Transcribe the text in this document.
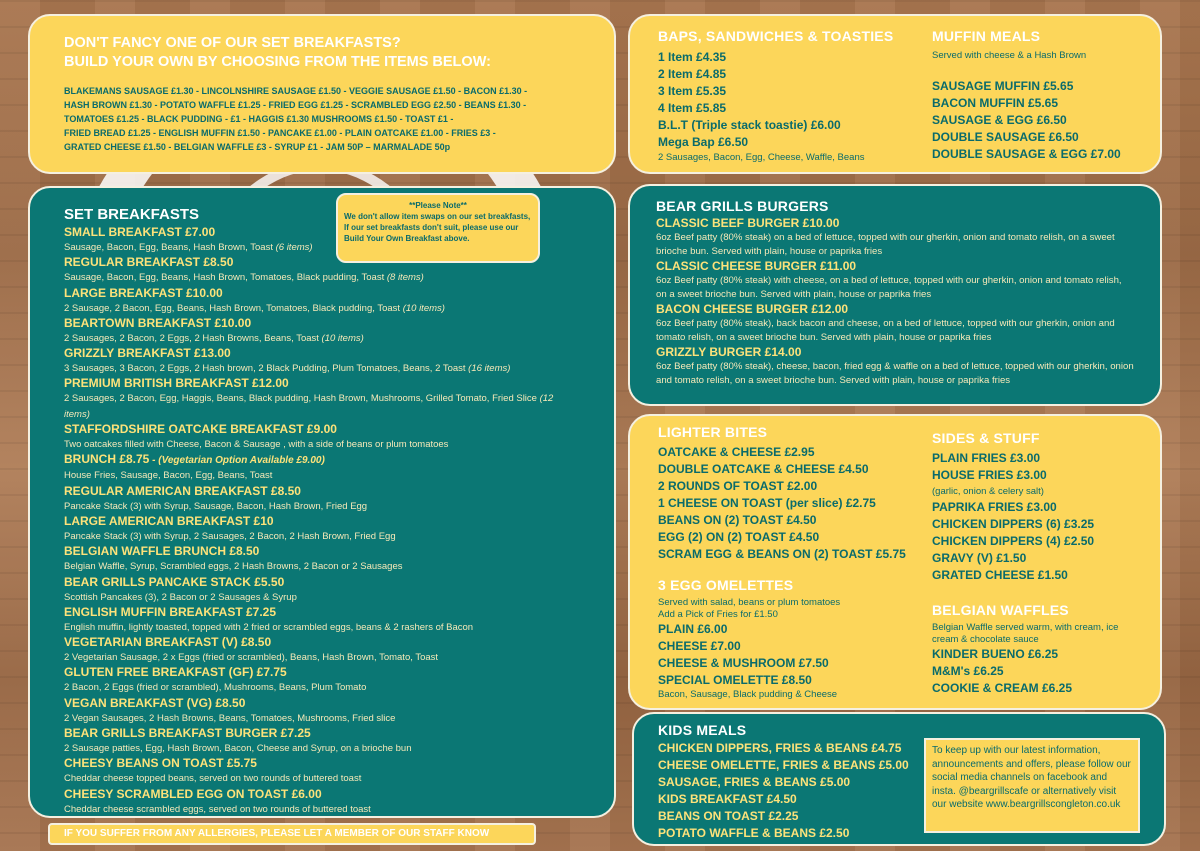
DON'T FANCY ONE OF OUR SET BREAKFASTS?
BUILD YOUR OWN BY CHOOSING FROM THE ITEMS BELOW:
BLAKEMANS SAUSAGE £1.30 - LINCOLNSHIRE SAUSAGE £1.50 - VEGGIE SAUSAGE £1.50 - BACON £1.30 -
HASH BROWN £1.30 - POTATO WAFFLE £1.25 - FRIED EGG £1.25 - SCRAMBLED EGG £2.50 - BEANS £1.30 -
TOMATOES £1.25 - BLACK PUDDING - £1 - HAGGIS £1.30 MUSHROOMS £1.50 - TOAST £1 -
FRIED BREAD £1.25 - ENGLISH MUFFIN £1.50 - PANCAKE £1.00 - PLAIN OATCAKE £1.00 - FRIES £3 -
GRATED CHEESE £1.50 - BELGIAN WAFFLE £3 - SYRUP £1 - JAM 50P – MARMALADE 50p
SET BREAKFASTS
SMALL BREAKFAST £7.00
Sausage, Bacon, Egg, Beans, Hash Brown, Toast (6 items)
REGULAR BREAKFAST £8.50
Sausage, Bacon, Egg, Beans, Hash Brown, Tomatoes, Black pudding, Toast (8 items)
LARGE BREAKFAST £10.00
2 Sausage, 2 Bacon, Egg, Beans, Hash Brown, Tomatoes, Black pudding, Toast (10 items)
BEARTOWN BREAKFAST £10.00
2 Sausages, 2 Bacon, 2 Eggs, 2 Hash Browns, Beans, Toast (10 items)
GRIZZLY BREAKFAST £13.00
3 Sausages, 3 Bacon, 2 Eggs, 2 Hash brown, 2 Black Pudding, Plum Tomatoes, Beans, 2 Toast (16 items)
PREMIUM BRITISH BREAKFAST £12.00
2 Sausages, 2 Bacon, Egg, Haggis, Beans, Black pudding, Hash Brown, Mushrooms, Grilled Tomato, Fried Slice (12 items)
STAFFORDSHIRE OATCAKE BREAKFAST £9.00
Two oatcakes filled with Cheese, Bacon & Sausage , with a side of beans or plum tomatoes
BRUNCH £8.75 - (Vegetarian Option Available £9.00)
House Fries, Sausage, Bacon, Egg, Beans, Toast
REGULAR AMERICAN BREAKFAST £8.50
Pancake Stack (3) with Syrup, Sausage, Bacon, Hash Brown, Fried Egg
LARGE AMERICAN BREAKFAST £10
Pancake Stack (3) with Syrup, 2 Sausages, 2 Bacon, 2 Hash Brown, Fried Egg
BELGIAN WAFFLE BRUNCH £8.50
Belgian Waffle, Syrup, Scrambled eggs, 2 Hash Browns, 2 Bacon or 2 Sausages
BEAR GRILLS PANCAKE STACK £5.50
Scottish Pancakes (3), 2 Bacon or 2 Sausages & Syrup
ENGLISH MUFFIN BREAKFAST £7.25
English muffin, lightly toasted, topped with 2 fried or scrambled eggs, beans & 2 rashers of Bacon
VEGETARIAN BREAKFAST (V) £8.50
2 Vegetarian Sausage, 2 x Eggs (fried or scrambled), Beans, Hash Brown, Tomato, Toast
GLUTEN FREE BREAKFAST (GF) £7.75
2 Bacon, 2 Eggs (fried or scrambled), Mushrooms, Beans, Plum Tomato
VEGAN BREAKFAST (VG) £8.50
2 Vegan Sausages, 2 Hash Browns, Beans, Tomatoes, Mushrooms, Fried slice
BEAR GRILLS BREAKFAST BURGER £7.25
2 Sausage patties, Egg, Hash Brown, Bacon, Cheese and Syrup, on a brioche bun
CHEESY BEANS ON TOAST £5.75
Cheddar cheese topped beans, served on two rounds of buttered toast
CHEESY SCRAMBLED EGG ON TOAST £6.00
Cheddar cheese scrambled eggs, served on two rounds of buttered toast
**Please Note**
We don't allow item swaps on our set breakfasts,
If our set breakfasts don't suit, please use our Build Your Own Breakfast above.
IF YOU SUFFER FROM ANY ALLERGIES, PLEASE LET A MEMBER OF OUR STAFF KNOW
BAPS, SANDWICHES & TOASTIES
1 Item £4.35
2 Item £4.85
3 Item £5.35
4 Item £5.85
B.L.T (Triple stack toastie) £6.00
Mega Bap £6.50
2 Sausages, Bacon, Egg, Cheese, Waffle, Beans
MUFFIN MEALS
Served with cheese & a Hash Brown
SAUSAGE MUFFIN £5.65
BACON MUFFIN £5.65
SAUSAGE & EGG £6.50
DOUBLE SAUSAGE £6.50
DOUBLE SAUSAGE & EGG £7.00
BEAR GRILLS BURGERS
CLASSIC BEEF BURGER £10.00
6oz Beef patty (80% steak) on a bed of lettuce, topped with our gherkin, onion and tomato relish, on a sweet brioche bun. Served with plain, house or paprika fries
CLASSIC CHEESE BURGER £11.00
6oz Beef patty (80% steak) with cheese, on a bed of lettuce, topped with our gherkin, onion and tomato relish, on a sweet brioche bun. Served with plain, house or paprika fries
BACON CHEESE BURGER £12.00
6oz Beef patty (80% steak), back bacon and cheese, on a bed of lettuce, topped with our gherkin, onion and tomato relish, on a sweet brioche bun. Served with plain, house or paprika fries
GRIZZLY BURGER £14.00
6oz Beef patty (80% steak), cheese, bacon, fried egg & waffle on a bed of lettuce, topped with our gherkin, onion and tomato relish, on a sweet brioche bun. Served with plain, house or paprika fries
LIGHTER BITES
OATCAKE & CHEESE £2.95
DOUBLE OATCAKE & CHEESE £4.50
2 ROUNDS OF TOAST £2.00
1 CHEESE ON TOAST (per slice) £2.75
BEANS ON (2) TOAST £4.50
EGG (2) ON (2) TOAST £4.50
SCRAM EGG & BEANS ON (2) TOAST £5.75
3 EGG OMELETTES
Served with salad, beans or plum tomatoes
Add a Pick of Fries for £1.50
PLAIN £6.00
CHEESE £7.00
CHEESE & MUSHROOM £7.50
SPECIAL OMELETTE £8.50
Bacon, Sausage, Black pudding & Cheese
SIDES & STUFF
PLAIN FRIES £3.00
HOUSE FRIES £3.00
(garlic, onion & celery salt)
PAPRIKA FRIES £3.00
CHICKEN DIPPERS (6) £3.25
CHICKEN DIPPERS (4) £2.50
GRAVY (V) £1.50
GRATED CHEESE £1.50
BELGIAN WAFFLES
Belgian Waffle served warm, with cream, ice cream & chocolate sauce
KINDER BUENO £6.25
M&M's £6.25
COOKIE & CREAM £6.25
KIDS MEALS
CHICKEN DIPPERS, FRIES & BEANS £4.75
CHEESE OMELETTE, FRIES & BEANS £5.00
SAUSAGE, FRIES & BEANS £5.00
KIDS BREAKFAST £4.50
BEANS ON TOAST £2.25
POTATO WAFFLE & BEANS £2.50
To keep up with our latest information, announcements and offers, please follow our social media channels on facebook and insta. @beargrillscafe or alternatively visit our website www.beargrillscongleton.co.uk
